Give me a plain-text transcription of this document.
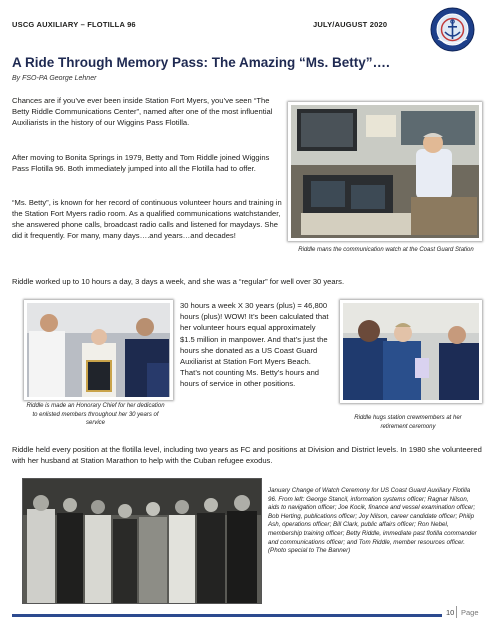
USCG AUXILIARY – FLOTILLA 96	JULY/AUGUST 2020
A Ride Through Memory Pass: The Amazing “Ms. Betty”….
By FSO-PA George Lehner

Chances are if you’ve ever been inside Station Fort Myers, you’ve seen “The Betty Riddle Communications Center”, named after one of the most influential Auxiliarists in the history of our Wiggins Pass Flotilla.

After moving to Bonita Springs in 1979, Betty and Tom Riddle joined Wiggins Pass Flotilla 96. Both immediately jumped into all the Flotilla had to offer.

“Ms. Betty”, is known for her record of continuous volunteer hours and training in the Station Fort Myers radio room. As a qualified communications watchstander, she answered phone calls, broadcast radio calls and listened for maydays. She did it frequently. For many, many days….and years…and decades!

Riddle worked up to 10 hours a day, 3 days a week, and she was a “regular” for well over 30 years.

Riddle mans the communication watch at the Coast Guard Station

Riddle is made an Honorary Chief for her dedication to enlisted members throughout her 30 years of service

30 hours a week X 30 years (plus) = 46,800 hours (plus)! WOW! It’s been calculated that her volunteer hours equal approximately $1.5 million in manpower. And that’s just the hours she donated as a US Coast Guard Auxiliarist at Station Fort Myers Beach. That’s not counting Ms. Betty’s hours and hours of service in other positions.

Riddle hugs station crewmembers at her retirement ceremony

Riddle held every position at the flotilla level, including two years as FC and positions at Division and District levels. In 1980 she volunteered with her husband at Station Marathon to help with the Cuban refugee exodus.

January Change of Watch Ceremony for US Coast Guard Auxiliary Flotilla 96. From left: George Stancil, information systems officer; Ragnar Nilson, aids to navigation officer; Joe Kocik, finance and vessel examination officer; Bob Herting, publications officer; Joy Nilson, career candidate officer; Philip Ash, operations officer; Bill Clark, public affairs officer; Ron Nebel, membership training officer; Betty Riddle, immediate past flotilla commander and communications officer; and Tom Riddle, member resources officer. (Photo special to The Banner)

10 Page
